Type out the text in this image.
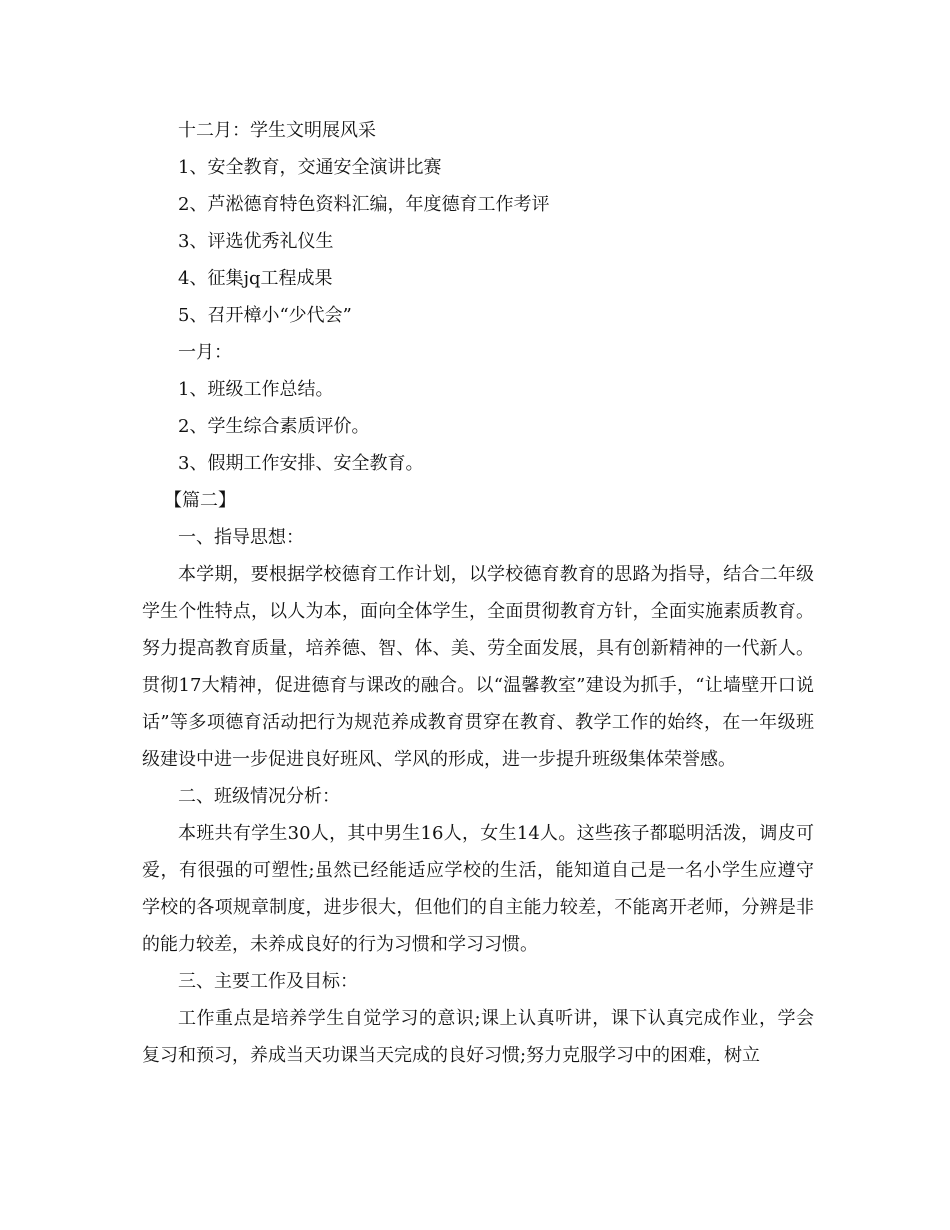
十二月：学生文明展风采

1、安全教育，交通安全演讲比赛

2、芦淞德育特色资料汇编，年度德育工作考评

3、评选优秀礼仪生

4、征集jq工程成果

5、召开樟小“少代会”

一月：

1、班级工作总结。

2、学生综合素质评价。

3、假期工作安排、安全教育。

【篇二】

一、指导思想：

本学期，要根据学校德育工作计划，以学校德育教育的思路为指导，结合二年级学生个性特点，以人为本，面向全体学生，全面贯彻教育方针，全面实施素质教育。努力提高教育质量，培养德、智、体、美、劳全面发展，具有创新精神的一代新人。贯彻17大精神，促进德育与课改的融合。以“温馨教室”建设为抓手，“让墙壁开口说话”等多项德育活动把行为规范养成教育贯穿在教育、教学工作的始终，在一年级班级建设中进一步促进良好班风、学风的形成，进一步提升班级集体荣誉感。

二、班级情况分析：

本班共有学生30人，其中男生16人，女生14人。这些孩子都聪明活泼，调皮可爱，有很强的可塑性;虽然已经能适应学校的生活，能知道自己是一名小学生应遵守学校的各项规章制度，进步很大，但他们的自主能力较差，不能离开老师，分辨是非的能力较差，未养成良好的行为习惯和学习习惯。

三、主要工作及目标：

工作重点是培养学生自觉学习的意识;课上认真听讲，课下认真完成作业，学会复习和预习，养成当天功课当天完成的良好习惯;努力克服学习中的困难，树立
